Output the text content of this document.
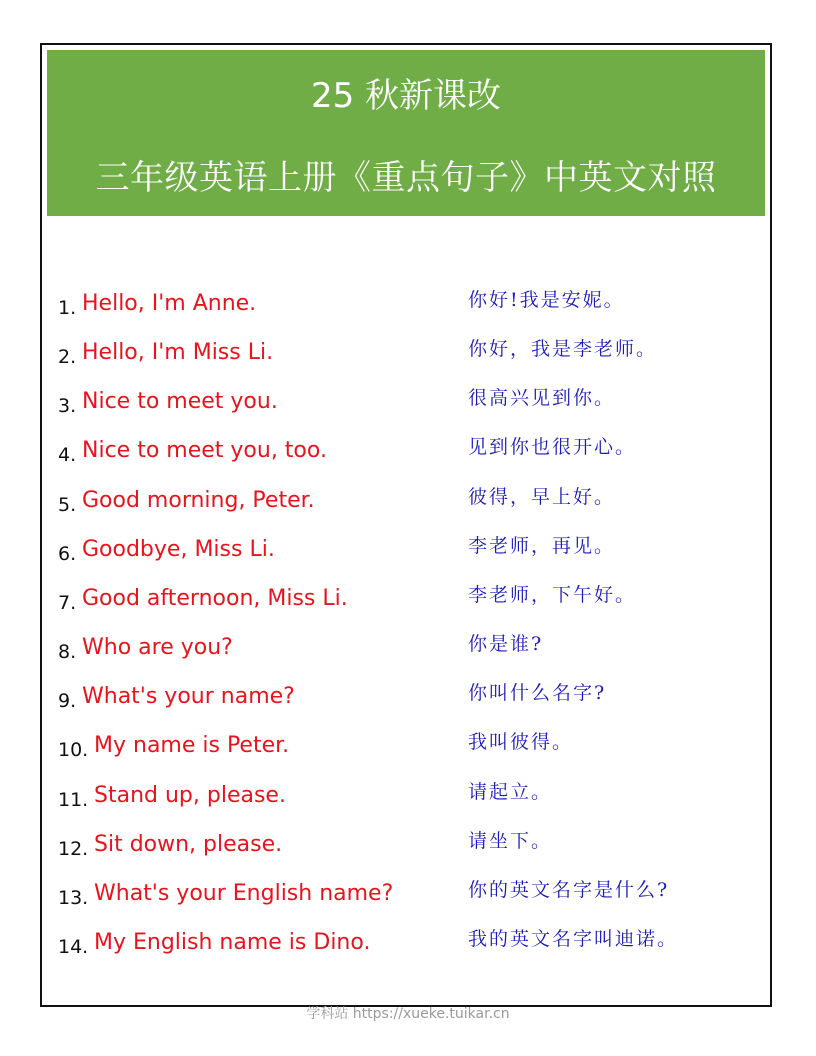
25 秋新课改
三年级英语上册《重点句子》中英文对照
1. Hello, I'm Anne.	你好!我是安妮。
2. Hello, I'm Miss Li.	你好，我是李老师。
3. Nice to meet you.	很高兴见到你。
4. Nice to meet you, too.	见到你也很开心。
5. Good morning, Peter.	彼得，早上好。
6. Goodbye, Miss Li.	李老师，再见。
7. Good afternoon, Miss Li.	李老师，下午好。
8. Who are you?	你是谁?
9. What's your name?	你叫什么名字?
10. My name is Peter.	我叫彼得。
11. Stand up, please.	请起立。
12. Sit down, please.	请坐下。
13. What's your English name?	你的英文名字是什么?
14. My English name is Dino.	我的英文名字叫迪诺。
学科站 https://xueke.tuikar.cn
